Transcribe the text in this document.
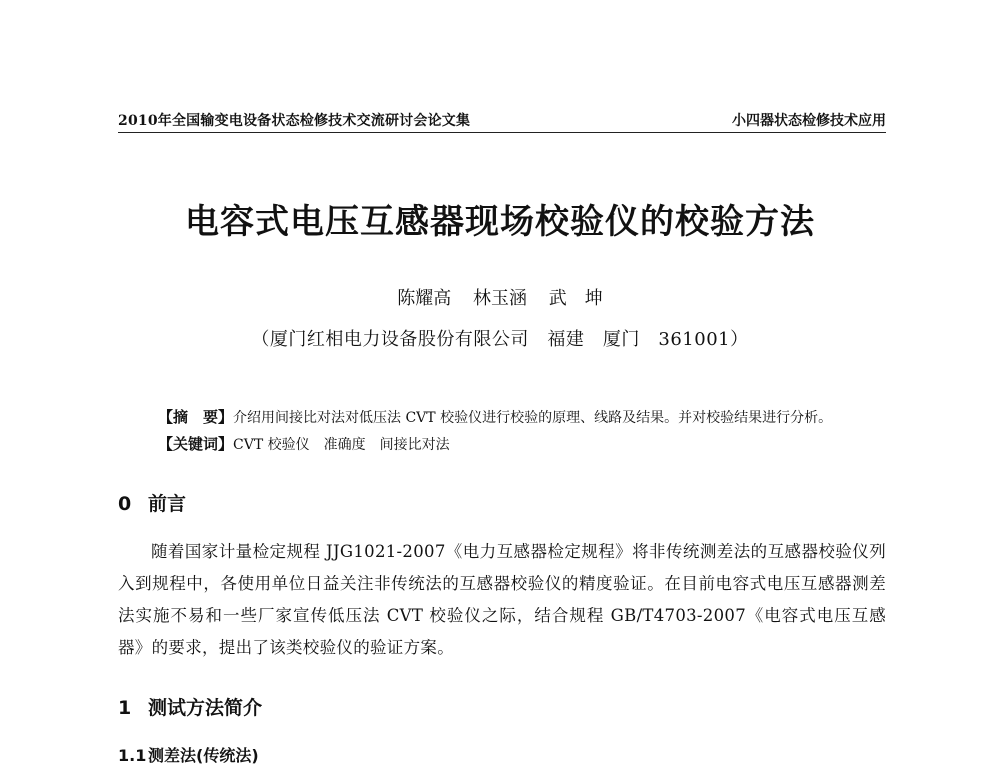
2010年全国输变电设备状态检修技术交流研讨会论文集	小四器状态检修技术应用
电容式电压互感器现场校验仪的校验方法
陈耀高 林玉涵 武　坤
（厦门红相电力设备股份有限公司　福建　厦门　361001）
【摘　要】介绍用间接比对法对低压法 CVT 校验仪进行校验的原理、线路及结果。并对校验结果进行分析。
【关键词】CVT 校验仪　准确度　间接比对法
0 前言
随着国家计量检定规程 JJG1021-2007《电力互感器检定规程》将非传统测差法的互感器校验仪列入到规程中，各使用单位日益关注非传统法的互感器校验仪的精度验证。在目前电容式电压互感器测差法实施不易和一些厂家宣传低压法 CVT 校验仪之际，结合规程 GB/T4703-2007《电容式电压互感器》的要求，提出了该类校验仪的验证方案。
1 测试方法简介
1.1 测差法(传统法)
